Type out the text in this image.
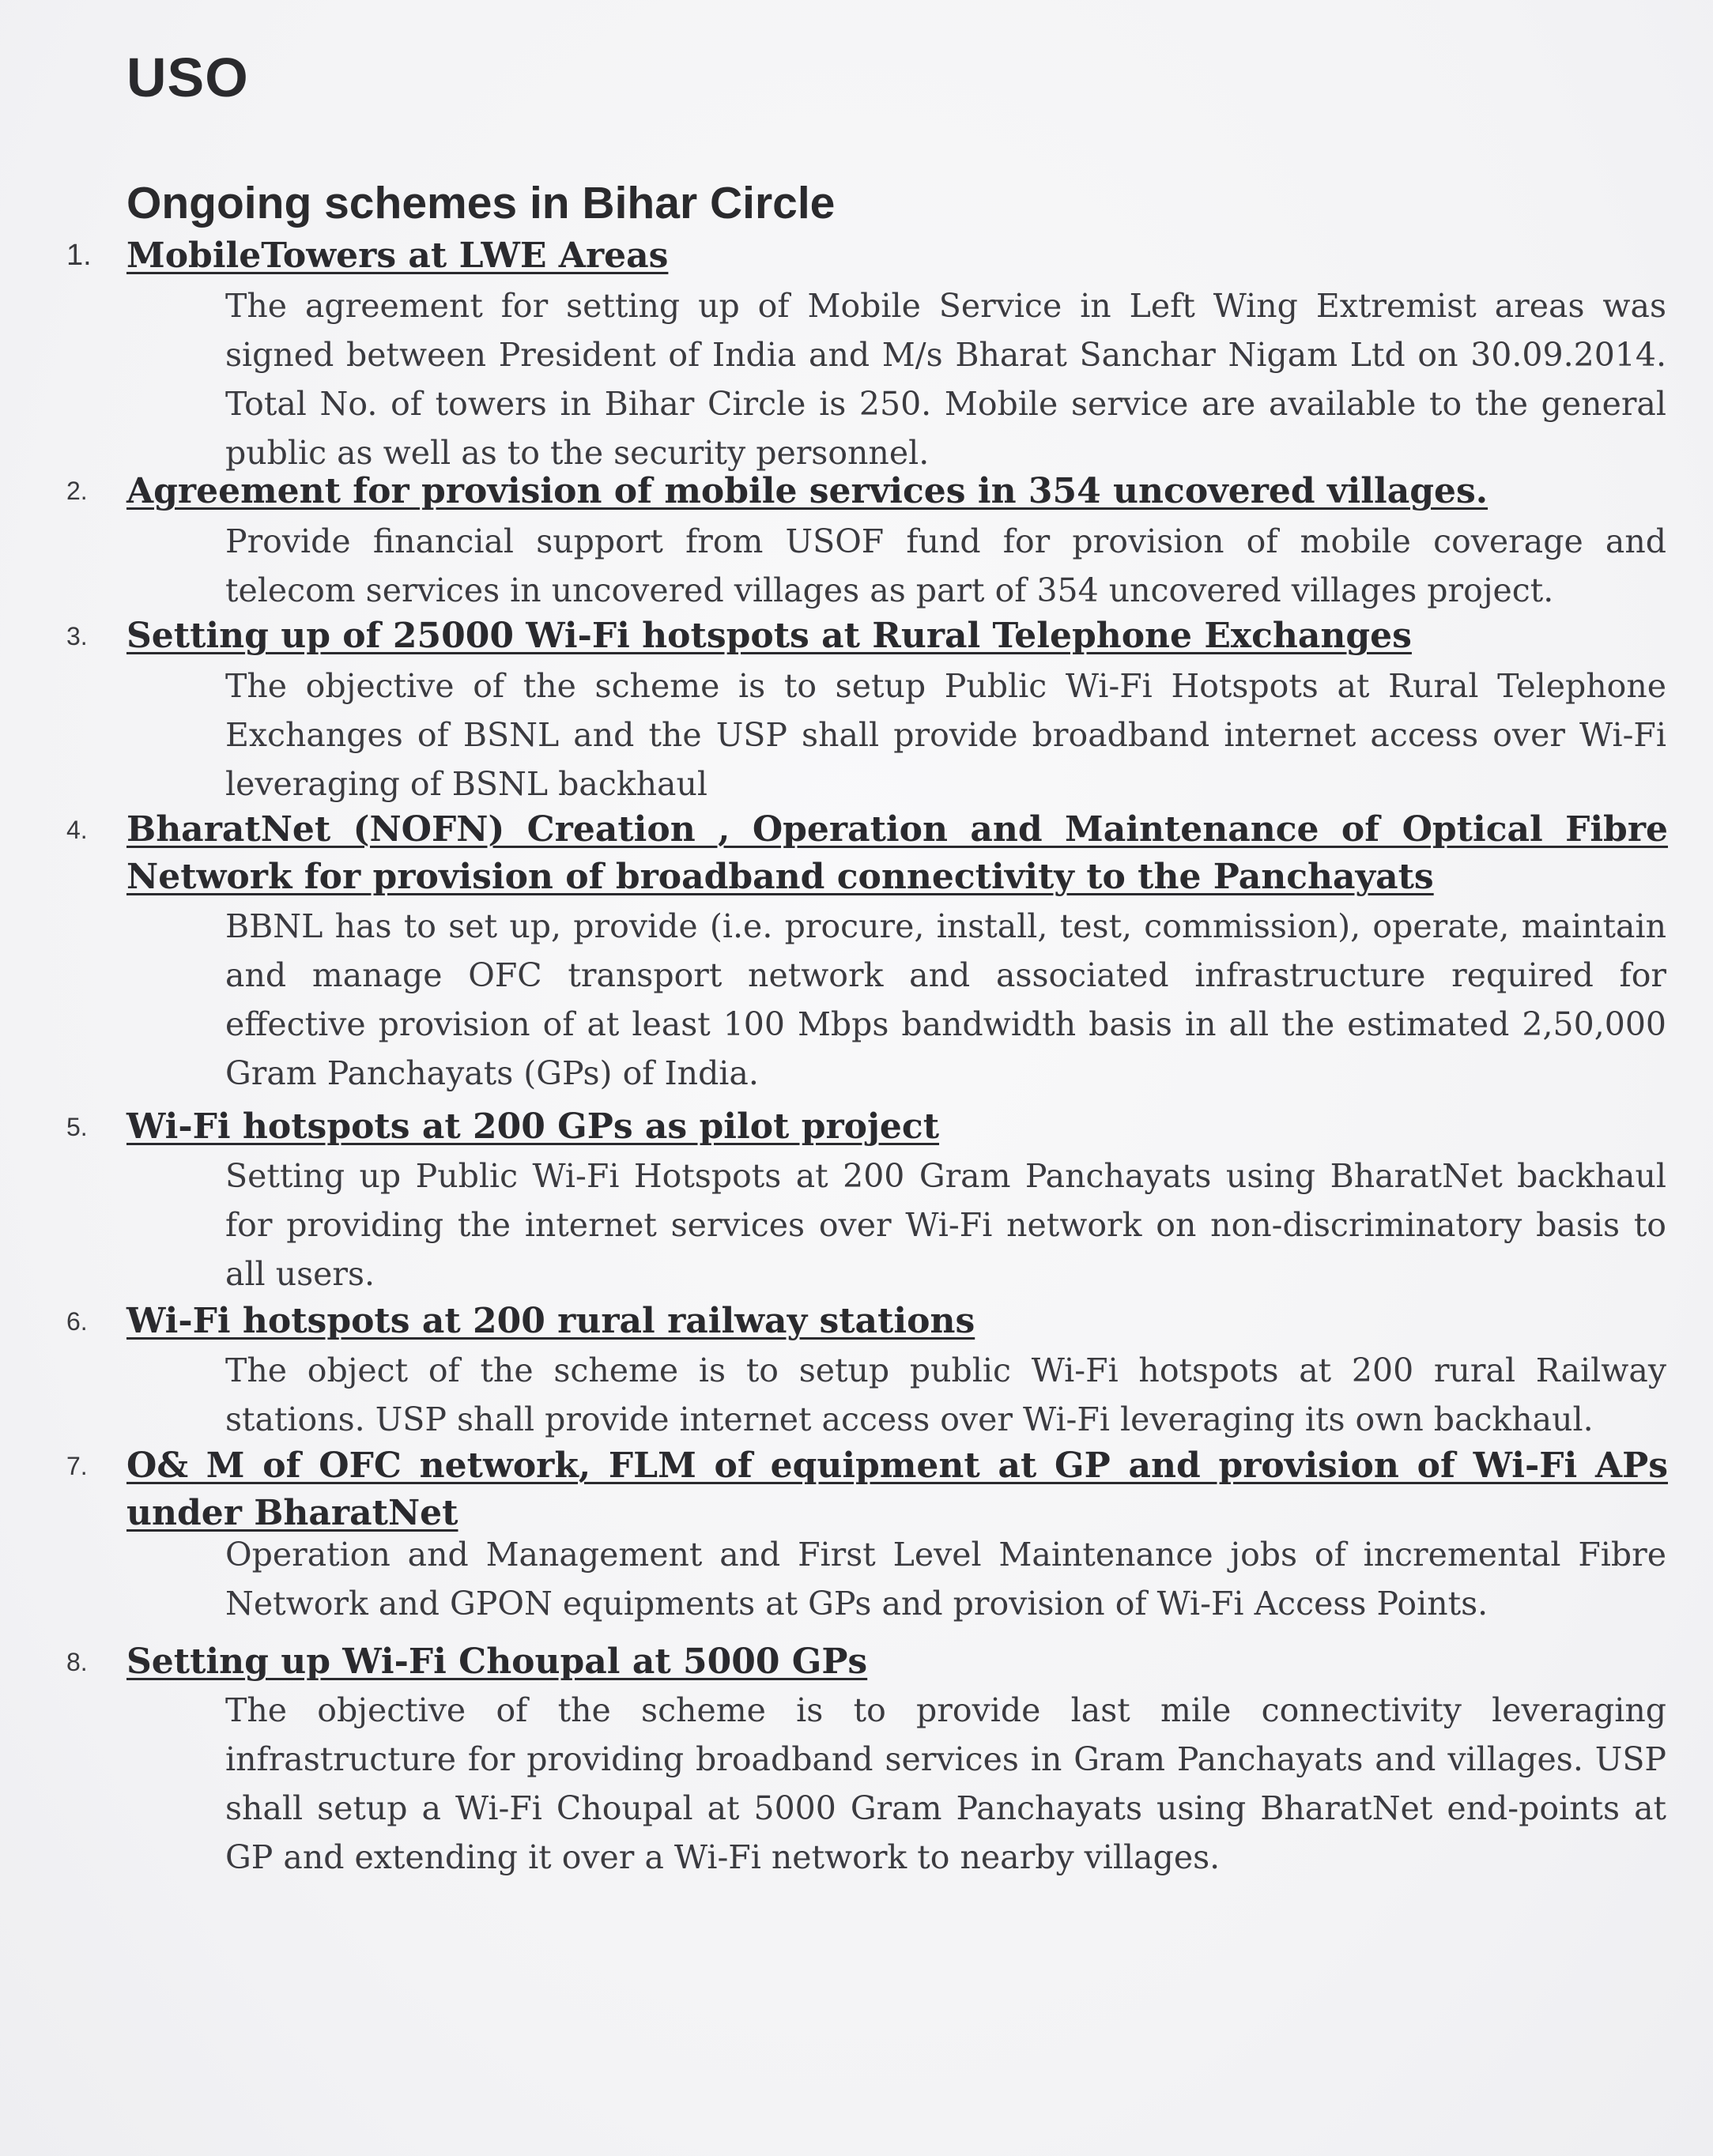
USO
Ongoing schemes in Bihar Circle
1. MobileTowers at LWE Areas

The agreement for setting up of Mobile Service in Left Wing Extremist areas was signed between President of India and M/s Bharat Sanchar Nigam Ltd on 30.09.2014. Total No. of towers in Bihar Circle is 250. Mobile service are available to the general public as well as to the security personnel.

2.	Agreement for provision of mobile services in 354 uncovered villages.

Provide financial support from USOF fund for provision of mobile coverage and telecom services in uncovered villages as part of 354 uncovered villages project.

3.	Setting up of 25000 Wi-Fi hotspots at Rural Telephone Exchanges

The objective of the scheme is to setup Public Wi-Fi Hotspots at Rural Telephone Exchanges of BSNL and the USP shall provide broadband internet access over Wi-Fi leveraging of BSNL backhaul

4.	BharatNet (NOFN) Creation , Operation and Maintenance of Optical Fibre Network for provision of broadband connectivity to the Panchayats

BBNL has to set up, provide (i.e. procure, install, test, commission), operate, maintain and manage OFC transport network and associated infrastructure required for effective provision of at least 100 Mbps bandwidth basis in all the estimated 2,50,000 Gram Panchayats (GPs) of India.

5.	Wi-Fi hotspots at 200 GPs as pilot project

Setting up Public Wi-Fi Hotspots at 200 Gram Panchayats using BharatNet backhaul for providing the internet services over Wi-Fi network on non-discriminatory basis to all users.

6.	Wi-Fi hotspots at 200 rural railway stations

The object of the scheme is to setup public Wi-Fi hotspots at 200 rural Railway stations. USP shall provide internet access over Wi-Fi leveraging its own backhaul.

7.	O& M of OFC network, FLM of equipment at GP and provision of Wi-Fi APs under BharatNet

Operation and Management and First Level Maintenance jobs of incremental Fibre Network and GPON equipments at GPs and provision of Wi-Fi Access Points.

8.	Setting up Wi-Fi Choupal at 5000 GPs

The objective of the scheme is to provide last mile connectivity leveraging infrastructure for providing broadband services in Gram Panchayats and villages. USP shall setup a Wi-Fi Choupal at 5000 Gram Panchayats using BharatNet end-points at GP and extending it over a Wi-Fi network to nearby villages.
